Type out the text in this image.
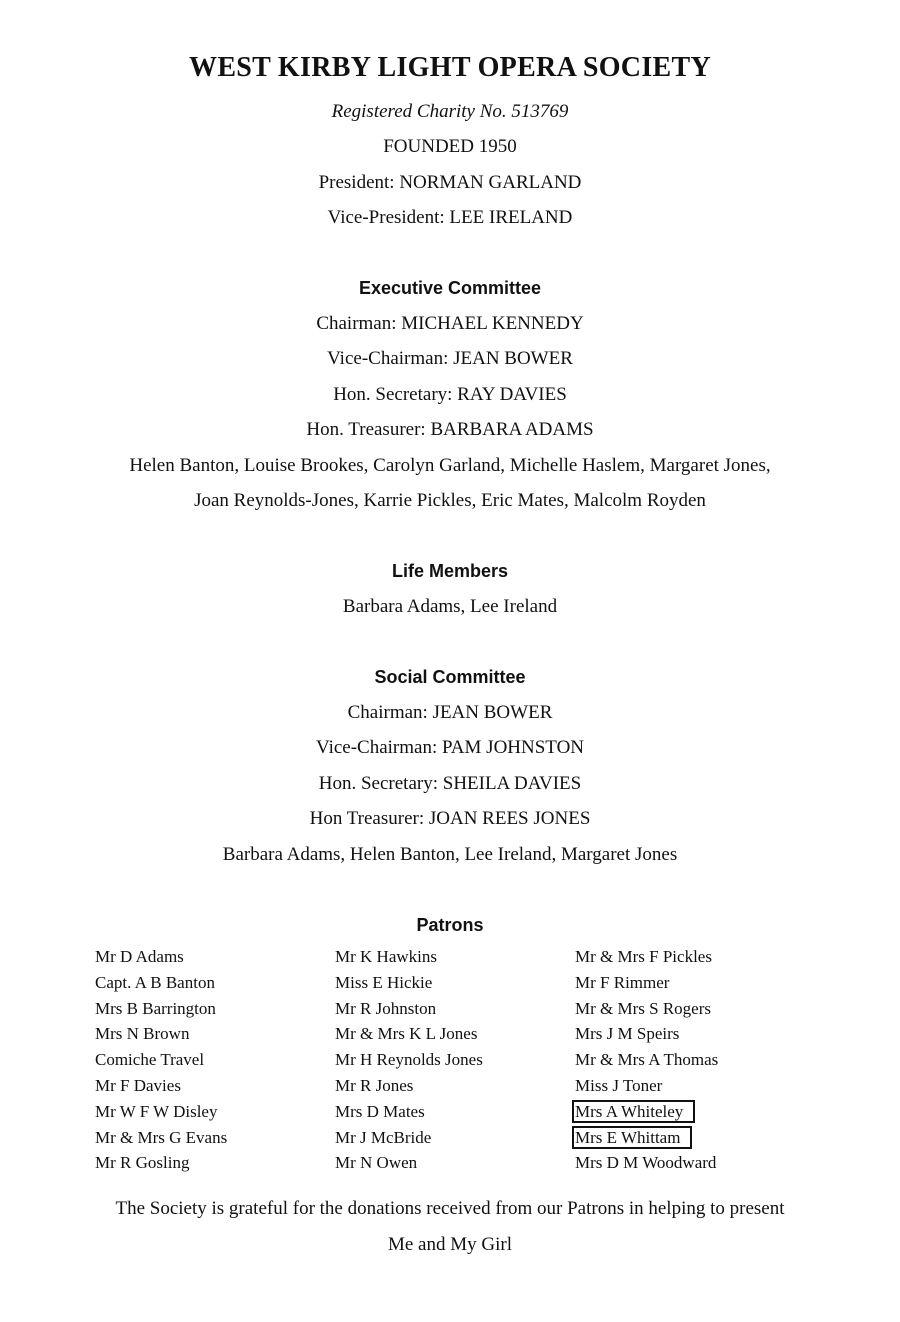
WEST KIRBY LIGHT OPERA SOCIETY
Registered Charity No. 513769
FOUNDED 1950
President: NORMAN GARLAND
Vice-President: LEE IRELAND
Executive Committee
Chairman: MICHAEL KENNEDY
Vice-Chairman: JEAN BOWER
Hon. Secretary: RAY DAVIES
Hon. Treasurer: BARBARA ADAMS
Helen Banton, Louise Brookes, Carolyn Garland, Michelle Haslem, Margaret Jones,
Joan Reynolds-Jones, Karrie Pickles, Eric Mates, Malcolm Royden
Life Members
Barbara Adams, Lee Ireland
Social Committee
Chairman: JEAN BOWER
Vice-Chairman: PAM JOHNSTON
Hon. Secretary: SHEILA DAVIES
Hon Treasurer: JOAN REES JONES
Barbara Adams, Helen Banton, Lee Ireland, Margaret Jones
Patrons
Mr D Adams
Capt. A B Banton
Mrs B Barrington
Mrs N Brown
Comiche Travel
Mr F Davies
Mr W F W Disley
Mr & Mrs G Evans
Mr R Gosling
Mr K Hawkins
Miss E Hickie
Mr R Johnston
Mr & Mrs K L Jones
Mr H Reynolds Jones
Mr R Jones
Mrs D Mates
Mr J McBride
Mr N Owen
Mr & Mrs F Pickles
Mr F Rimmer
Mr & Mrs S Rogers
Mrs J M Speirs
Mr & Mrs A Thomas
Miss J Toner
Mrs A Whiteley
Mrs E Whittam
Mrs D M Woodward
The Society is grateful for the donations received from our Patrons in helping to present
Me and My Girl
